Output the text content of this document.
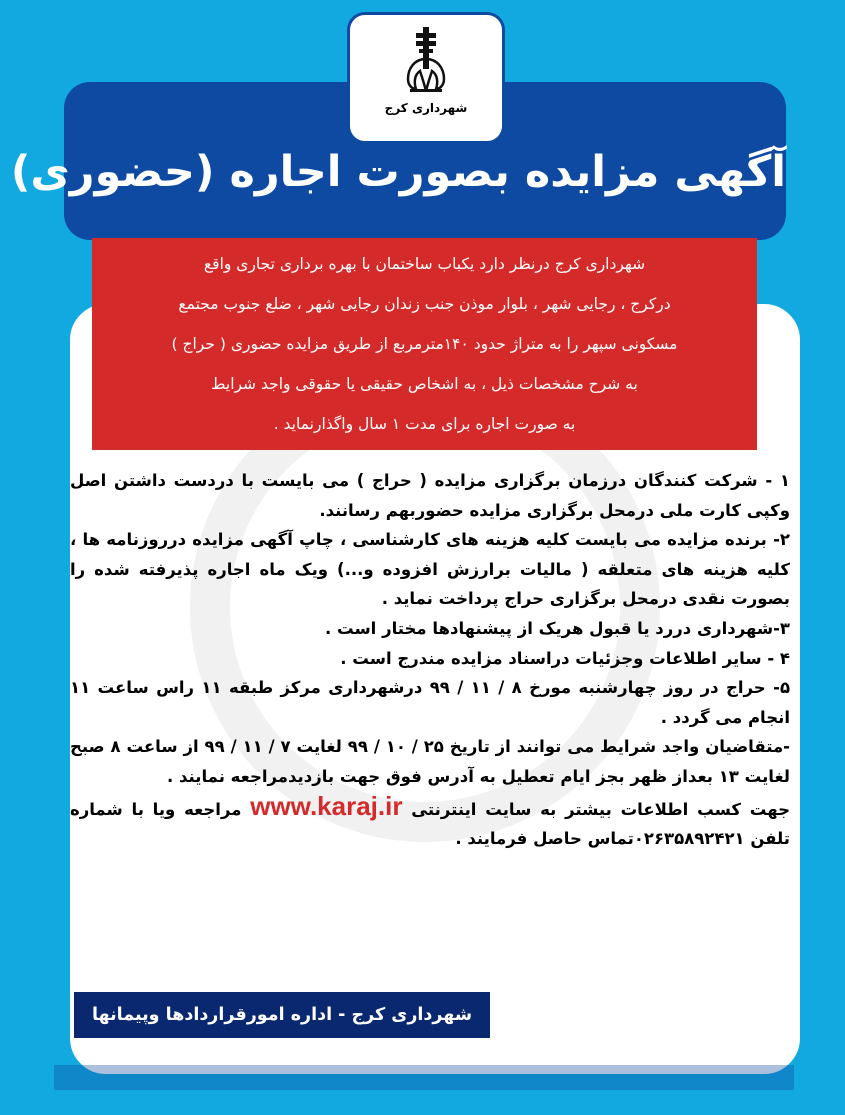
شهرداری کرج
آگهی مزایده بصورت اجاره (حضوری)
شهرداری کرج درنظر دارد یکباب ساختمان با بهره برداری تجاری واقع
درکرج ، رجایی شهر ، بلوار موذن جنب زندان رجایی شهر ، ضلع جنوب مجتمع
مسکونی سپهر را به متراژ حدود ۱۴۰مترمربع از طریق مزایده حضوری ( حراج )
به شرح مشخصات ذیل ، به اشخاص حقیقی یا حقوقی واجد شرایط
به صورت اجاره برای مدت ۱ سال واگذارنماید .

۱ - شرکت کنندگان درزمان برگزاری مزایده ( حراج ) می بایست با دردست داشتن اصل وکپی کارت ملی درمحل برگزاری مزایده حضوربهم رسانند.

۲- برنده مزایده می بایست کلیه هزینه های کارشناسی ، چاپ آگهی مزایده درروزنامه ها ، کلیه هزینه های متعلقه ( مالیات برارزش افزوده و...) ویک ماه اجاره پذیرفته شده را بصورت نقدی درمحل برگزاری حراج پرداخت نماید .

۳-شهرداری دررد یا قبول هریک از پیشنهادها مختار است .

۴ - سایر اطلاعات وجزئیات دراسناد مزایده مندرج است .

۵- حراج در روز چهارشنبه مورخ ۸ / ۱۱ / ۹۹ درشهرداری مرکز طبقه ۱۱ راس ساعت ۱۱ انجام می گردد .

-متقاضیان واجد شرایط می توانند از تاریخ ۲۵ / ۱۰ / ۹۹ لغایت ۷ / ۱۱ / ۹۹ از ساعت ۸ صبح لغایت ۱۳ بعداز ظهر بجز ایام تعطیل به آدرس فوق جهت بازدیدمراجعه نمایند .

جهت کسب اطلاعات بیشتر به سایت اینترنتی www.karaj.ir مراجعه ویا با شماره تلفن ۰۲۶۳۵۸۹۲۴۲۱تماس حاصل فرمایند .

شهرداری کرج - اداره امورقراردادها وپیمانها
